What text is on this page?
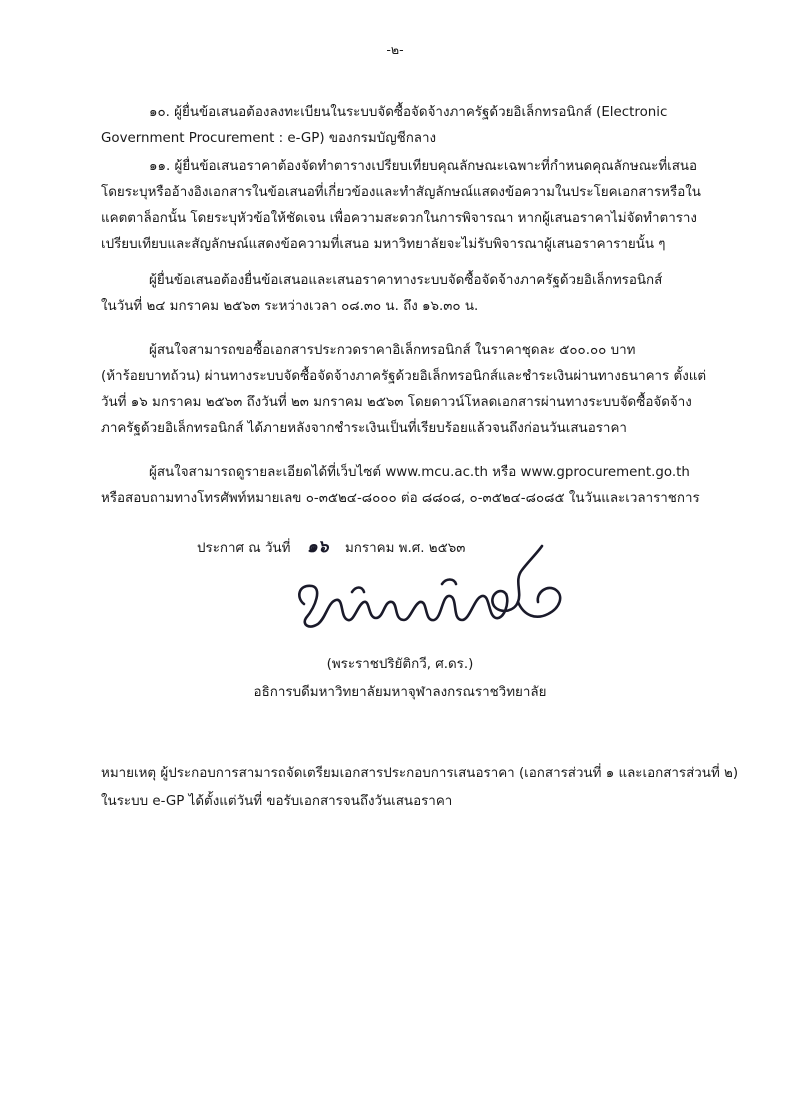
-๒-
๑๐. ผู้ยื่นข้อเสนอต้องลงทะเบียนในระบบจัดซื้อจัดจ้างภาครัฐด้วยอิเล็กทรอนิกส์ (Electronic
Government Procurement : e-GP) ของกรมบัญชีกลาง
๑๑. ผู้ยื่นข้อเสนอราคาต้องจัดทำตารางเปรียบเทียบคุณลักษณะเฉพาะที่กำหนดคุณลักษณะที่เสนอ
โดยระบุหรืออ้างอิงเอกสารในข้อเสนอที่เกี่ยวข้องและทำสัญลักษณ์แสดงข้อความในประโยคเอกสารหรือใน
แคตตาล็อกนั้น โดยระบุหัวข้อให้ชัดเจน เพื่อความสะดวกในการพิจารณา หากผู้เสนอราคาไม่จัดทำตาราง
เปรียบเทียบและสัญลักษณ์แสดงข้อความที่เสนอ มหาวิทยาลัยจะไม่รับพิจารณาผู้เสนอราคารายนั้น ๆ
ผู้ยื่นข้อเสนอต้องยื่นข้อเสนอและเสนอราคาทางระบบจัดซื้อจัดจ้างภาครัฐด้วยอิเล็กทรอนิกส์
ในวันที่ ๒๔ มกราคม ๒๕๖๓ ระหว่างเวลา ๐๘.๓๐ น. ถึง ๑๖.๓๐ น.
ผู้สนใจสามารถขอซื้อเอกสารประกวดราคาอิเล็กทรอนิกส์ ในราคาชุดละ ๕๐๐.๐๐ บาท
(ห้าร้อยบาทถ้วน) ผ่านทางระบบจัดซื้อจัดจ้างภาครัฐด้วยอิเล็กทรอนิกส์และชำระเงินผ่านทางธนาคาร ตั้งแต่
วันที่ ๑๖ มกราคม ๒๕๖๓ ถึงวันที่ ๒๓ มกราคม ๒๕๖๓ โดยดาวน์โหลดเอกสารผ่านทางระบบจัดซื้อจัดจ้าง
ภาครัฐด้วยอิเล็กทรอนิกส์ ได้ภายหลังจากชำระเงินเป็นที่เรียบร้อยแล้วจนถึงก่อนวันเสนอราคา
ผู้สนใจสามารถดูรายละเอียดได้ที่เว็บไซต์ www.mcu.ac.th หรือ www.gprocurement.go.th
หรือสอบถามทางโทรศัพท์หมายเลข ๐-๓๕๒๔-๘๐๐๐ ต่อ ๘๘๐๘, ๐-๓๕๒๔-๘๐๘๕ ในวันและเวลาราชการ
ประกาศ ณ วันที่ ๑๖ มกราคม พ.ศ. ๒๕๖๓
(พระราชปริยัติกวี, ศ.ดร.)
อธิการบดีมหาวิทยาลัยมหาจุฬาลงกรณราชวิทยาลัย
หมายเหตุ ผู้ประกอบการสามารถจัดเตรียมเอกสารประกอบการเสนอราคา (เอกสารส่วนที่ ๑ และเอกสารส่วนที่ ๒)
ในระบบ e-GP ได้ตั้งแต่วันที่ ขอรับเอกสารจนถึงวันเสนอราคา
